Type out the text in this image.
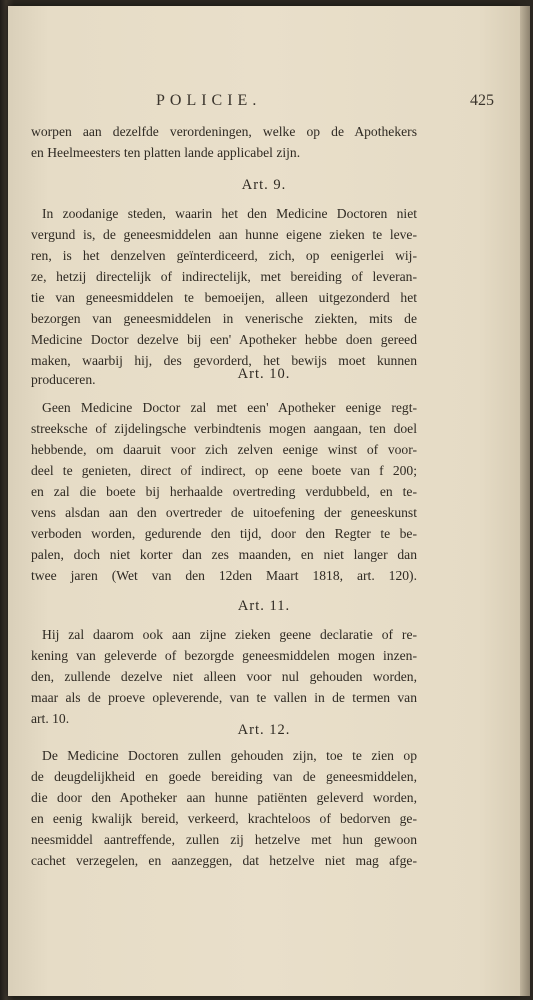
POLICIE.	425
worpen aan dezelfde verordeningen, welke op de Apothekers
en Heelmeesters ten platten lande applicabel zijn.
Art. 9.
In zoodanige steden, waarin het den Medicine Doctoren niet
vergund is, de geneesmiddelen aan hunne eigene zieken te leve-
ren, is het denzelven geïnterdiceerd, zich, op eenigerlei wij-
ze, hetzij directelijk of indirectelijk, met bereiding of leveran-
tie van geneesmiddelen te bemoeijen, alleen uitgezonderd het
bezorgen van geneesmiddelen in venerische ziekten, mits de
Medicine Doctor dezelve bij een' Apotheker hebbe doen gereed
maken, waarbij hij, des gevorderd, het bewijs moet kunnen
produceren.	Art. 10.
Geen Medicine Doctor zal met een' Apotheker eenige regt-
streeksche of zijdelingsche verbindtenis mogen aangaan, ten doel
hebbende, om daaruit voor zich zelven eenige winst of voor-
deel te genieten, direct of indirect, op eene boete van f 200;
en zal die boete bij herhaalde overtreding verdubbeld, en te-
vens alsdan aan den overtreder de uitoefening der geneeskunst
verboden worden, gedurende den tijd, door den Regter te be-
palen, doch niet korter dan zes maanden, en niet langer dan
twee jaren (Wet van den 12den Maart 1818, art. 120).
Art. 11.
Hij zal daarom ook aan zijne zieken geene declaratie of re-
kening van geleverde of bezorgde geneesmiddelen mogen inzen-
den, zullende dezelve niet alleen voor nul gehouden worden,
maar als de proeve opleverende, van te vallen in de termen van
art. 10.
Art. 12.
De Medicine Doctoren zullen gehouden zijn, toe te zien op
de deugdelijkheid en goede bereiding van de geneesmiddelen,
die door den Apotheker aan hunne patiënten geleverd worden,
en eenig kwalijk bereid, verkeerd, krachteloos of bedorven ge-
neesmiddel aantreffende, zullen zij hetzelve met hun gewoon
cachet verzegelen, en aanzeggen, dat hetzelve niet mag afge-
